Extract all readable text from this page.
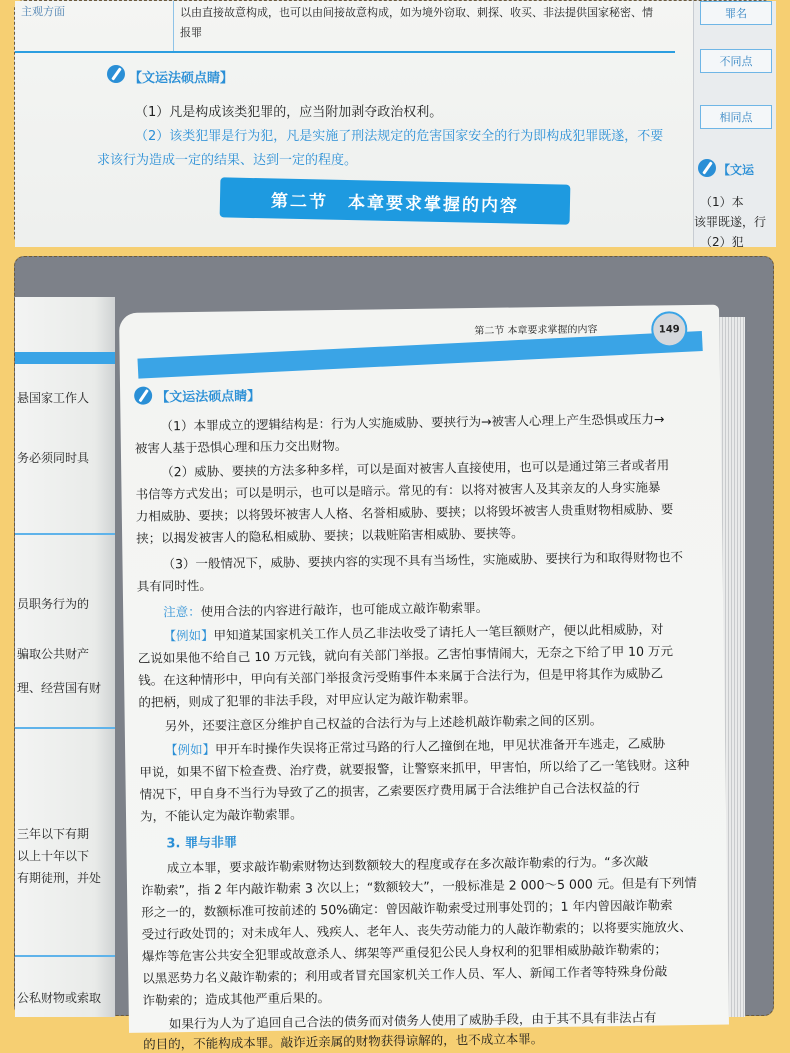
主观方面	以由直接故意构成，也可以由间接故意构成，如为境外窃取、刺探、收买、非法提供国家秘密、情
报罪
【文运法硕点睛】
（1）凡是构成该类犯罪的，应当附加剥夺政治权利。
（2）该类犯罪是行为犯，凡是实施了刑法规定的危害国家安全的行为即构成犯罪既遂，不要
求该行为造成一定的结果、达到一定的程度。
第二节 本章要求掌握的内容
罪名
不同点
相同点
【文运
（1）本
该罪既遂，行
（2）犯
悬国家工作人
务必须同时具
员职务行为的
骗取公共财产
理、经营国有财
三年以下有期
以上十年以下
有期徒刑，并处
公私财物或索取
第二节 本章要求掌握的内容	149
【文运法硕点睛】
（1）本罪成立的逻辑结构是：行为人实施威胁、要挟行为→被害人心理上产生恐惧或压力→
被害人基于恐惧心理和压力交出财物。
（2）威胁、要挟的方法多种多样，可以是面对被害人直接使用，也可以是通过第三者或者用
书信等方式发出；可以是明示，也可以是暗示。常见的有：以将对被害人及其亲友的人身实施暴
力相威胁、要挟；以将毁坏被害人人格、名誉相威胁、要挟；以将毁坏被害人贵重财物相威胁、要
挟；以揭发被害人的隐私相威胁、要挟；以栽赃陷害相威胁、要挟等。
（3）一般情况下，威胁、要挟内容的实现不具有当场性，实施威胁、要挟行为和取得财物也不
具有同时性。
注意：使用合法的内容进行敲诈，也可能成立敲诈勒索罪。
【例如】甲知道某国家机关工作人员乙非法收受了请托人一笔巨额财产，便以此相威胁，对
乙说如果他不给自己 10 万元钱，就向有关部门举报。乙害怕事情闹大，无奈之下给了甲 10 万元
钱。在这种情形中，甲向有关部门举报贪污受贿事件本来属于合法行为，但是甲将其作为威胁乙
的把柄，则成了犯罪的非法手段，对甲应认定为敲诈勒索罪。
另外，还要注意区分维护自己权益的合法行为与上述趁机敲诈勒索之间的区别。
【例如】甲开车时操作失误将正常过马路的行人乙撞倒在地，甲见状准备开车逃走，乙威胁
甲说，如果不留下检查费、治疗费，就要报警，让警察来抓甲，甲害怕，所以给了乙一笔钱财。这种
情况下，甲自身不当行为导致了乙的损害，乙索要医疗费用属于合法维护自己合法权益的行
为，不能认定为敲诈勒索罪。
3. 罪与非罪
成立本罪，要求敲诈勒索财物达到数额较大的程度或存在多次敲诈勒索的行为。“多次敲
诈勒索”，指 2 年内敲诈勒索 3 次以上；“数额较大”，一般标准是 2 000～5 000 元。但是有下列情
形之一的，数额标准可按前述的 50%确定：曾因敲诈勒索受过刑事处罚的；1 年内曾因敲诈勒索
受过行政处罚的；对未成年人、残疾人、老年人、丧失劳动能力的人敲诈勒索的；以将要实施放火、
爆炸等危害公共安全犯罪或故意杀人、绑架等严重侵犯公民人身权利的犯罪相威胁敲诈勒索的；
以黑恶势力名义敲诈勒索的；利用或者冒充国家机关工作人员、军人、新闻工作者等特殊身份敲
诈勒索的；造成其他严重后果的。
如果行为人为了追回自己合法的债务而对债务人使用了威胁手段，由于其不具有非法占有
的目的，不能构成本罪。敲诈近亲属的财物获得谅解的，也不成立本罪。
